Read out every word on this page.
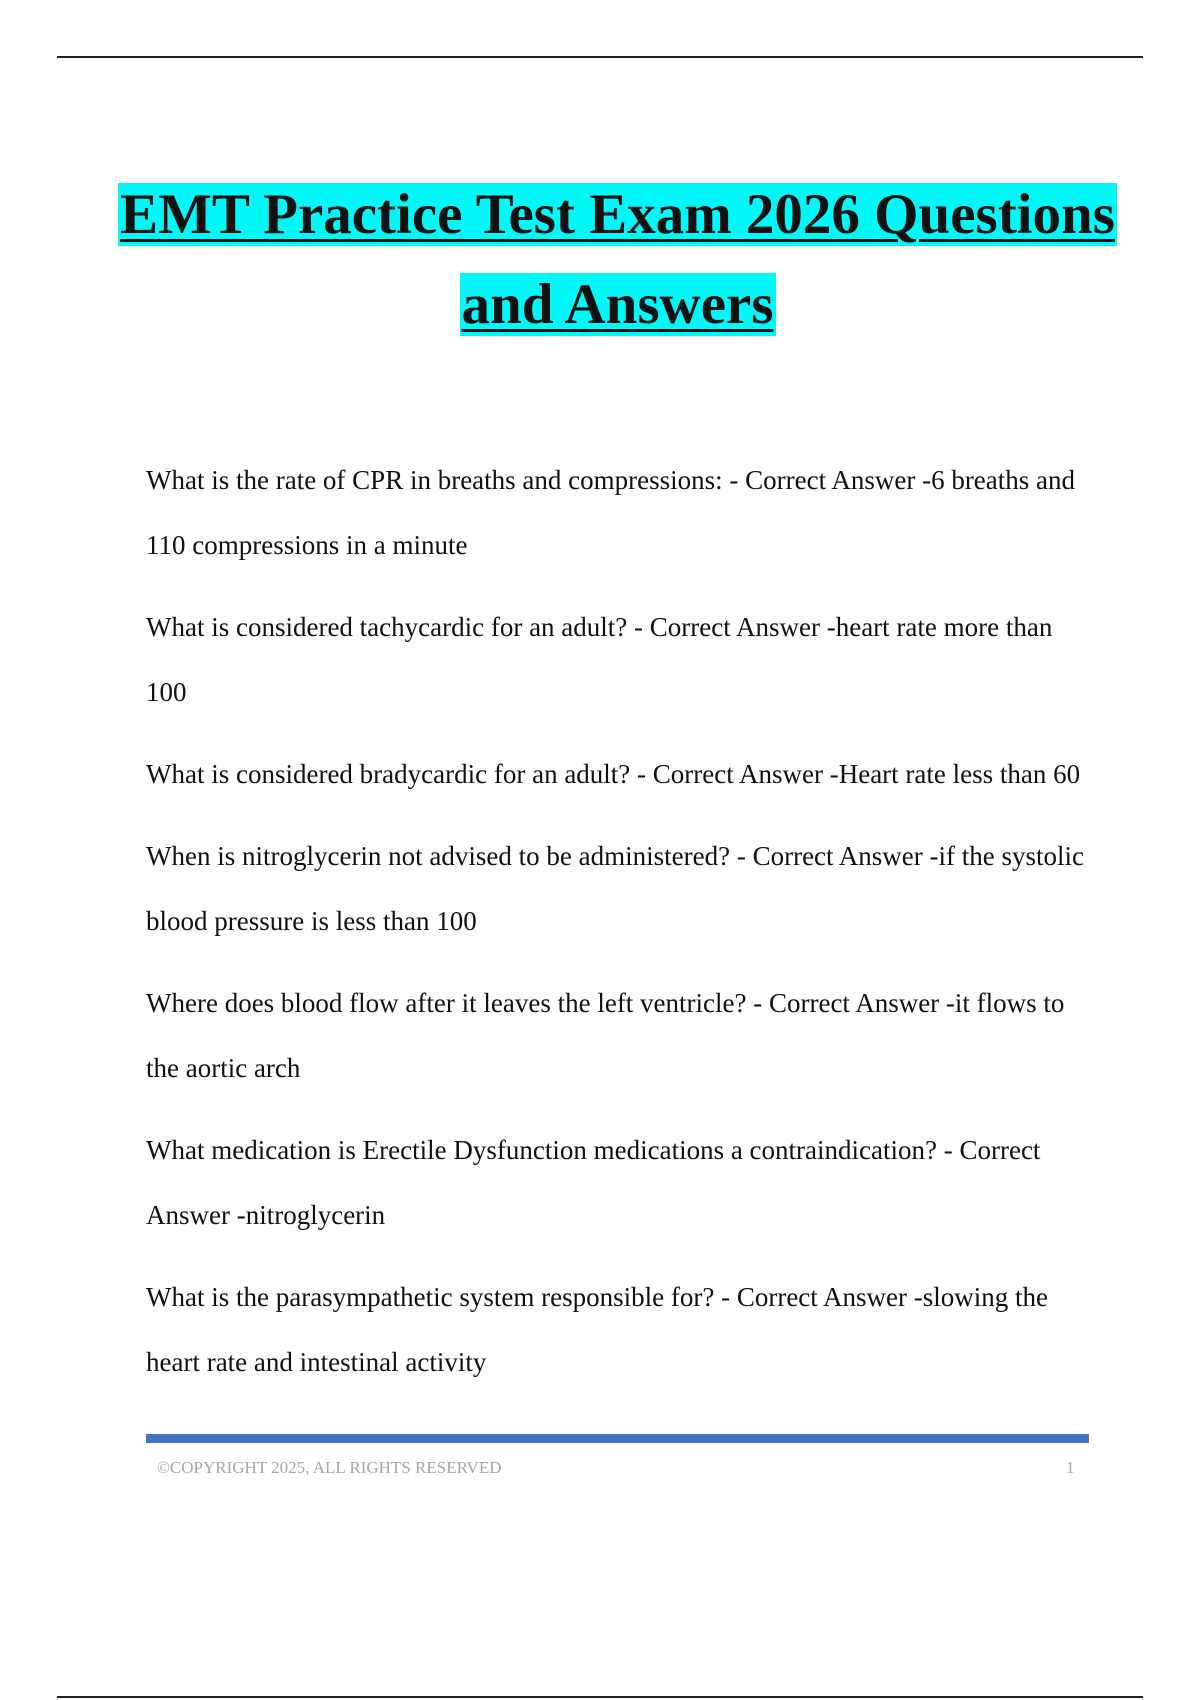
EMT Practice Test Exam 2026 Questions
and Answers

What is the rate of CPR in breaths and compressions: - Correct Answer -6 breaths and 110 compressions in a minute

What is considered tachycardic for an adult? - Correct Answer -heart rate more than 100

What is considered bradycardic for an adult? - Correct Answer -Heart rate less than 60

When is nitroglycerin not advised to be administered? - Correct Answer -if the systolic blood pressure is less than 100

Where does blood flow after it leaves the left ventricle? - Correct Answer -it flows to the aortic arch

What medication is Erectile Dysfunction medications a contraindication? - Correct Answer -nitroglycerin

What is the parasympathetic system responsible for? - Correct Answer -slowing the heart rate and intestinal activity

©COPYRIGHT 2025, ALL RIGHTS RESERVED	1
